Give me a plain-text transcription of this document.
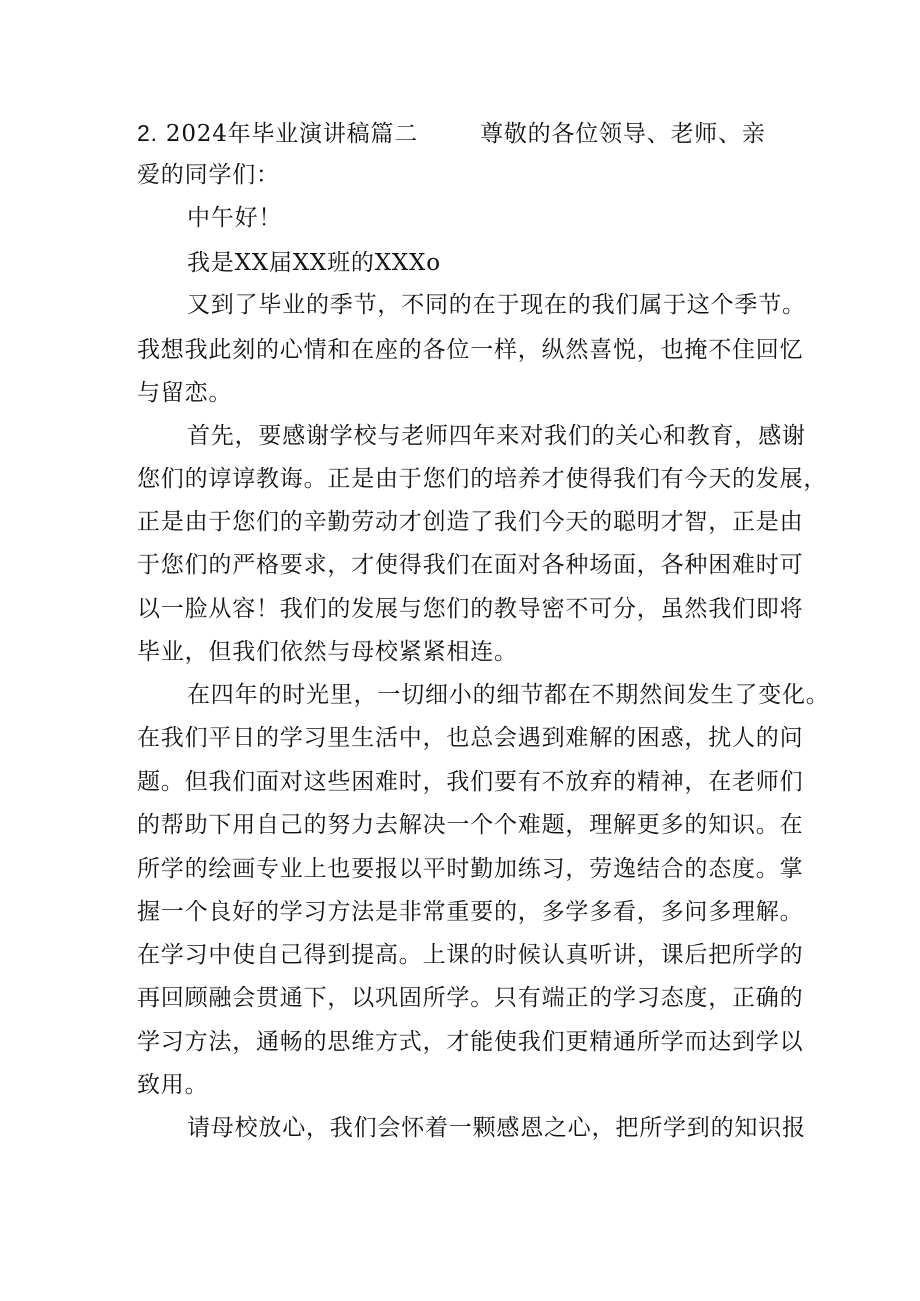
2. 2024年毕业演讲稿篇二	尊敬的各位领导、老师、亲
爱的同学们：
中午好！
我是XX届XX班的XXXo
又到了毕业的季节，不同的在于现在的我们属于这个季节。
我想我此刻的心情和在座的各位一样，纵然喜悦，也掩不住回忆
与留恋。
首先，要感谢学校与老师四年来对我们的关心和教育，感谢
您们的谆谆教诲。正是由于您们的培养才使得我们有今天的发展，
正是由于您们的辛勤劳动才创造了我们今天的聪明才智，正是由
于您们的严格要求，才使得我们在面对各种场面，各种困难时可
以一脸从容！我们的发展与您们的教导密不可分，虽然我们即将
毕业，但我们依然与母校紧紧相连。
在四年的时光里，一切细小的细节都在不期然间发生了变化。
在我们平日的学习里生活中，也总会遇到难解的困惑，扰人的问
题。但我们面对这些困难时，我们要有不放弃的精神，在老师们
的帮助下用自己的努力去解决一个个难题，理解更多的知识。在
所学的绘画专业上也要报以平时勤加练习，劳逸结合的态度。掌
握一个良好的学习方法是非常重要的，多学多看，多问多理解。
在学习中使自己得到提高。上课的时候认真听讲，课后把所学的
再回顾融会贯通下，以巩固所学。只有端正的学习态度，正确的
学习方法，通畅的思维方式，才能使我们更精通所学而达到学以
致用。
请母校放心，我们会怀着一颗感恩之心，把所学到的知识报
